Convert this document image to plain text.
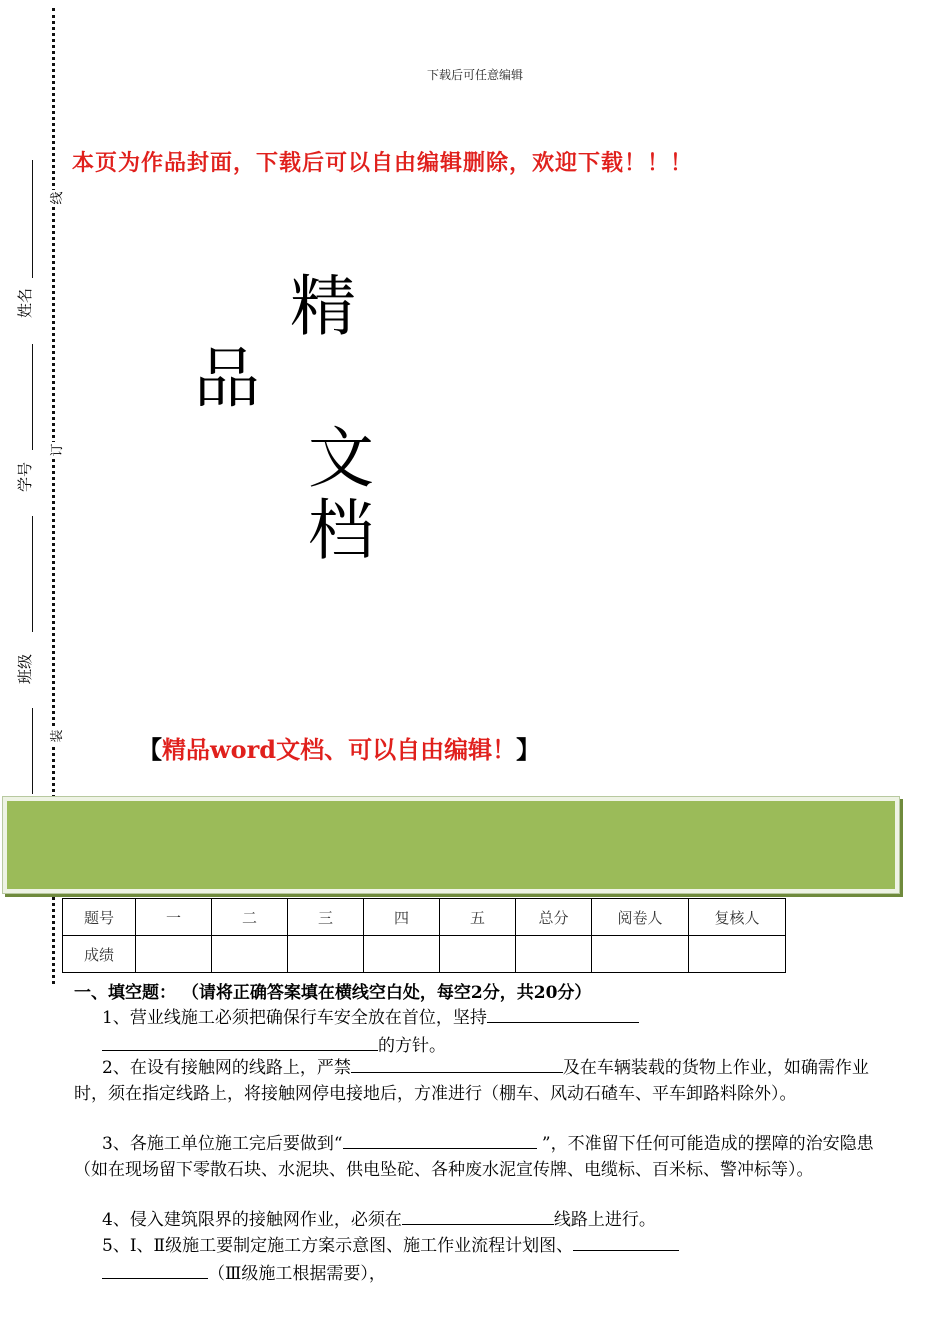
下载后可任意编辑
本页为作品封面，下载后可以自由编辑删除，欢迎下载！！！
精
品
文
档
【精品word文档、可以自由编辑！】
姓名
学号
班级
线
订
装
题号	一	二	三	四	五	总分	阅卷人	复核人
成绩								
一、填空题： （请将正确答案填在横线空白处，每空2分，共20分）

1、营业线施工必须把确保行车安全放在首位，坚持

的方针。

2、在设有接触网的线路上，严禁	及在车辆装载的货物上作业，如确需作业时，须在指定线路上，将接触网停电接地后，方准进行（棚车、风动石碴车、平车卸路料除外）。

3、各施工单位施工完后要做到“	”，不准留下任何可能造成的摆障的治安隐患（如在现场留下零散石块、水泥块、供电坠砣、各种废水泥宣传牌、电缆标、百米标、警冲标等）。

4、侵入建筑限界的接触网作业，必须在	线路上进行。

5、Ⅰ、Ⅱ级施工要制定施工方案示意图、施工作业流程计划图、

（Ⅲ级施工根据需要），
